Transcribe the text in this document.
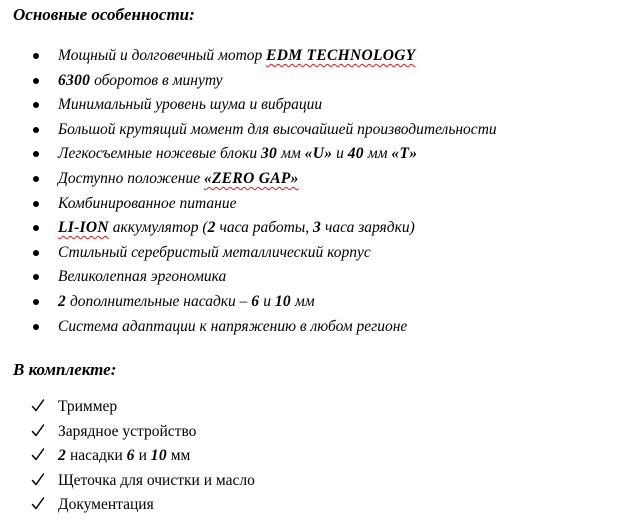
Основные особенности:
Мощный и долговечный мотор EDM TECHNOLOGY
6300 оборотов в минуту
Минимальный уровень шума и вибрации
Большой крутящий момент для высочайшей производительности
Легкосъемные ножевые блоки 30 мм «U» и 40 мм «T»
Доступно положение «ZERO GAP»
Комбинированное питание
LI-ION аккумулятор (2 часа работы, 3 часа зарядки)
Стильный серебристый металлический корпус
Великолепная эргономика
2 дополнительные насадки – 6 и 10 мм
Система адаптации к напряжению в любом регионе
В комплекте:
Триммер
Зарядное устройство
2 насадки 6 и 10 мм
Щеточка для очистки и масло
Документация
